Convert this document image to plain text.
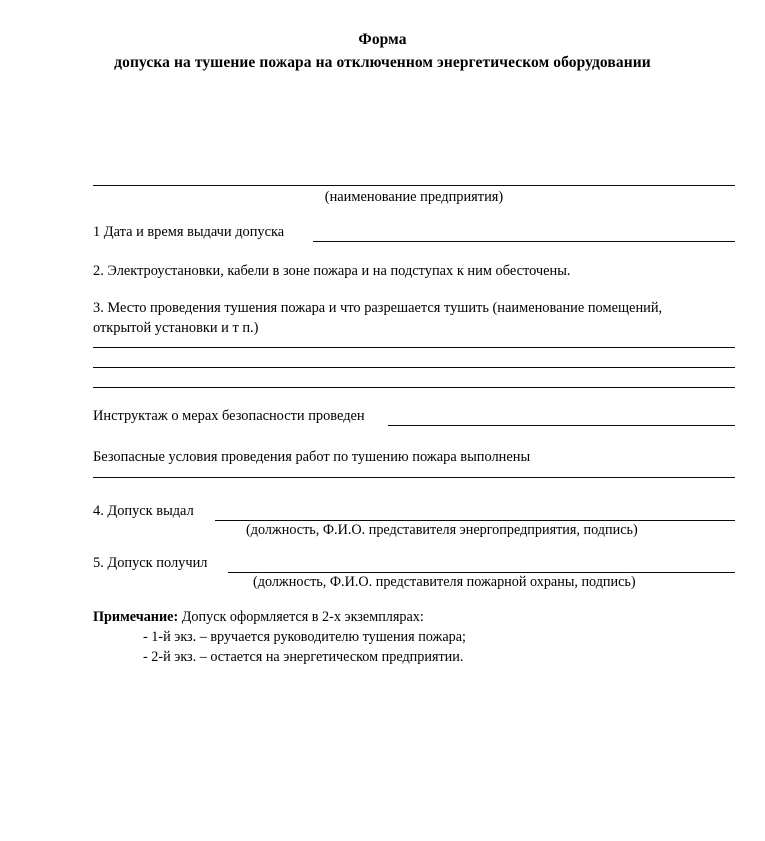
Форма
допуска на тушение пожара на отключенном энергетическом оборудовании
(наименование предприятия)
1 Дата и время выдачи допуска
2. Электроустановки, кабели в зоне пожара и на подступах к ним обесточены.
3. Место проведения тушения пожара и что разрешается тушить (наименование помещений,
открытой установки и т п.)
Инструктаж о мерах безопасности проведен
Безопасные условия проведения работ по тушению пожара выполнены
4. Допуск выдал
(должность, Ф.И.О. представителя энергопредприятия, подпись)
5. Допуск получил
(должность, Ф.И.О. представителя пожарной охраны, подпись)
Примечание: Допуск оформляется в 2-х экземплярах:
- 1-й экз. – вручается руководителю тушения пожара;
- 2-й экз. – остается на энергетическом предприятии.
